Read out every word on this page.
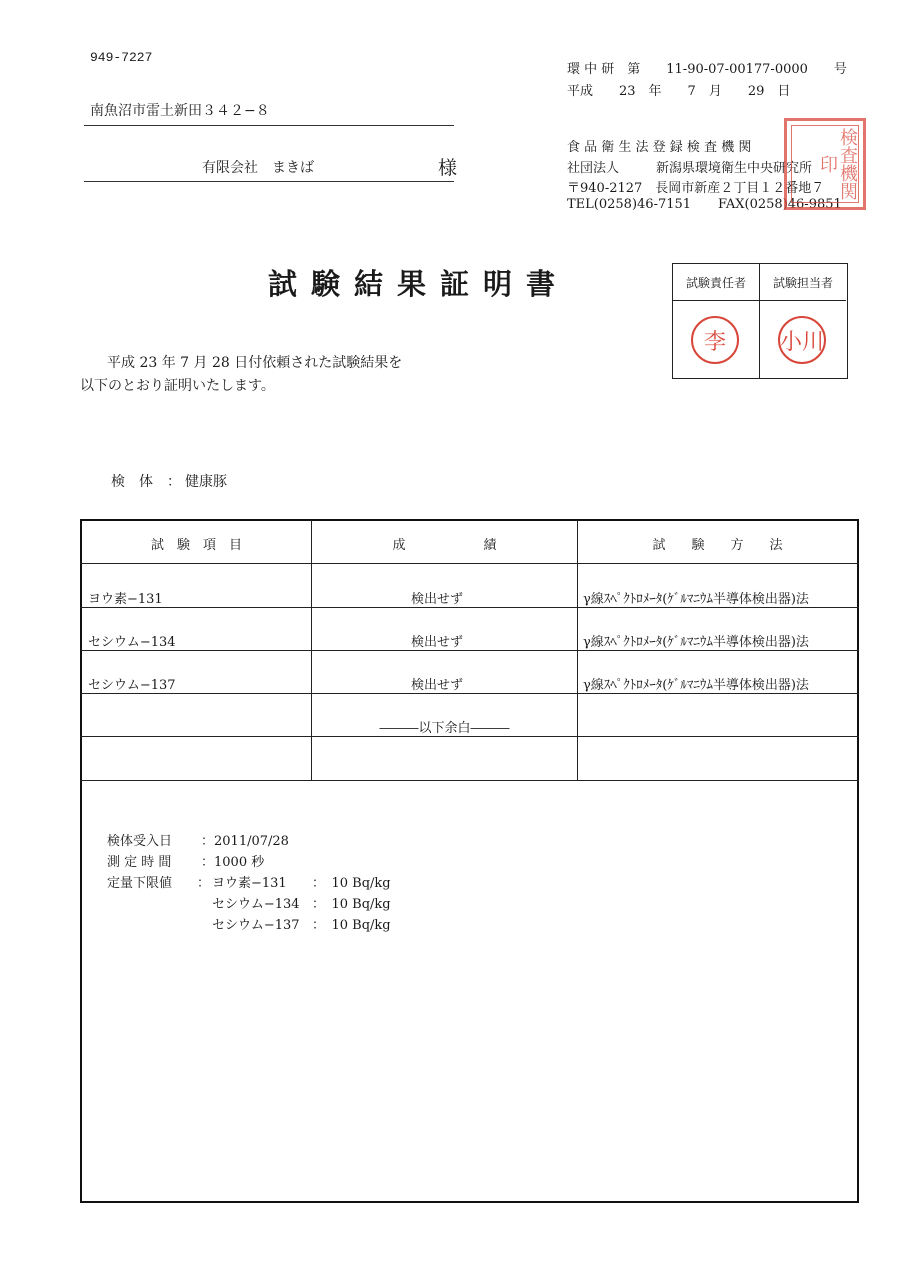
949-7227
南魚沼市雷土新田３４２−８
有限会社　まきば	様
環 中 研　第　　11-90-07-00177-0000　　号
平成　　23　年　　7　月　　29　日
食 品 衛 生 法 登 録 検 査 機 関
社団法人	新潟県環境衛生中央研究所
〒940-2127　長岡市新産２丁目１２番地７
TEL(0258)46-7151 FAX(0258)46-9851
検査機関印
試験結果証明書	試験責任者
李
試験担当者
小川
平成 23 年 7 月 28 日付依頼された試験結果を
以下のとおり証明いたします。
検　体　： 健康豚
試　験　項　目	成　　　　　　績	試　　験　　方　　法
ヨウ素−131	検出せず	γ線ｽﾍﾟｸﾄﾛﾒｰﾀ(ｹﾞﾙﾏﾆｳﾑ半導体検出器)法
セシウム−134	検出せず	γ線ｽﾍﾟｸﾄﾛﾒｰﾀ(ｹﾞﾙﾏﾆｳﾑ半導体検出器)法
セシウム−137	検出せず	γ線ｽﾍﾟｸﾄﾛﾒｰﾀ(ｹﾞﾙﾏﾆｳﾑ半導体検出器)法
―――以下余白―――
検体受入日 ：2011/07/28
測 定 時 間 ：1000 秒
定量下限値 ： ヨウ素−131 ：　10 Bq/kg
セシウム−134 ：　10 Bq/kg
セシウム−137 ：　10 Bq/kg
